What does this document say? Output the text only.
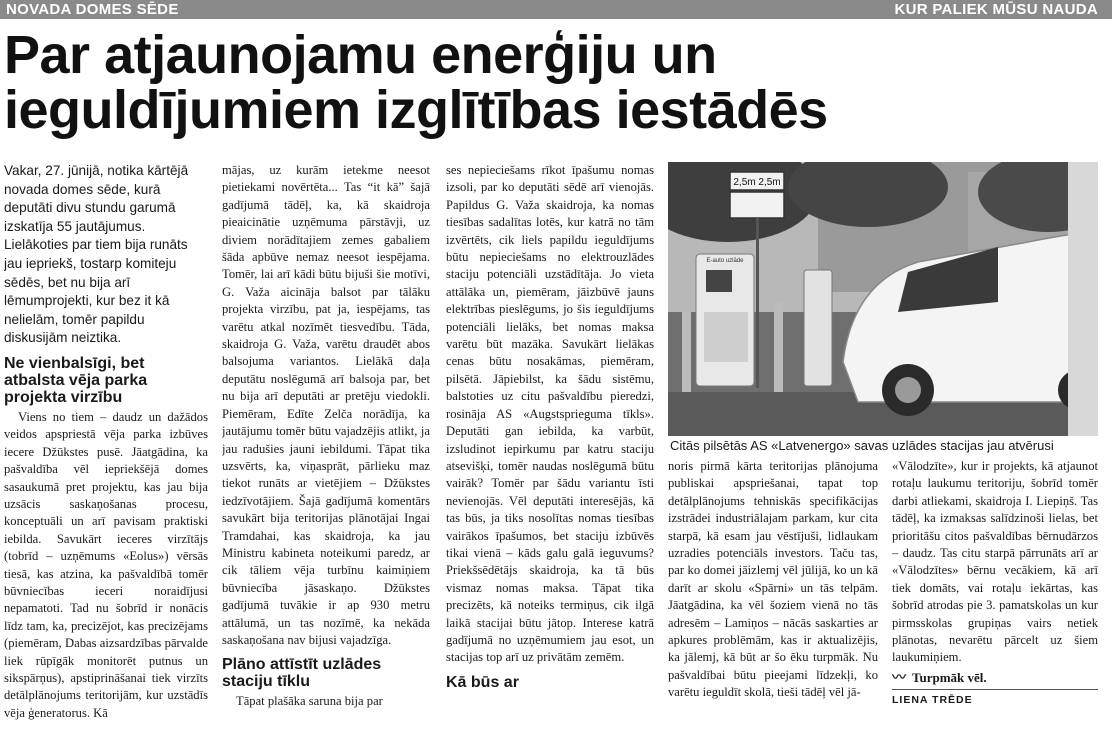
NOVADA DOMES SĒDE	KUR PALIEK MŪSU NAUDA
Par atjaunojamu enerģiju un
ieguldījumiem izglītības iestādēs

Vakar, 27. jūnijā, notika kārtējā novada domes sēde, kurā deputāti divu stundu garumā izskatīja 55 jautājumus. Lielākoties par tiem bija runāts jau iepriekš, tostarp komiteju sēdēs, bet nu bija arī lēmumprojekti, kur bez it kā nelielām, tomēr papildu diskusijām neiztika.

Ne vienbalsīgi, bet atbalsta vēja parka projekta virzību

Viens no tiem – daudz un dažādos veidos apspriestā vēja parka izbūves iecere Džūkstes pusē. Jāatgādina, ka pašvaldība vēl iepriekšējā domes sasaukumā pret projektu, kas jau bija uzsācis saskaņošanas procesu, konceptuāli un arī pavisam praktiski iebilda. Savukārt ieceres virzītājs (tobrīd – uzņēmums «Eolus») vērsās tiesā, kas atzina, ka pašvaldībā tomēr būvniecības ieceri noraidījusi nepamatoti. Tad nu šobrīd ir nonācis līdz tam, ka, precizējot, kas precizējams (piemēram, Dabas aizsardzības pārvalde liek rūpīgāk monitorēt putnus un sikspārņus), apstiprināšanai tiek virzīts detālplānojums teritorijām, kur uzstādīs vēja ģeneratorus. Kā

mājas, uz kurām ietekme neesot pietiekami novērtēta... Tas “it kā” šajā gadījumā tādēļ, ka, kā skaidroja pieaicinātie uzņēmuma pārstāvji, uz diviem norādītajiem zemes gabaliem šāda apbūve nemaz neesot iespējama. Tomēr, lai arī kādi būtu bijuši šie motīvi, G. Važa aicināja balsot par tālāku projekta virzību, pat ja, iespējams, tas varētu atkal nozīmēt tiesvedību. Tāda, skaidroja G. Važa, varētu draudēt abos balsojuma variantos. Lielākā daļa deputātu noslēgumā arī balsoja par, bet nu bija arī deputāti ar pretēju viedokli. Piemēram, Edīte Zelča norādīja, ka jautājumu tomēr būtu vajadzējis atlikt, ja jau radušies jauni iebildumi. Tāpat tika uzsvērts, ka, viņasprāt, pārlieku maz tiekot runāts ar vietējiem – Džūkstes iedzīvotājiem. Šajā gadījumā komentārs savukārt bija teritorijas plānotājai Ingai Tramdahai, kas skaidroja, ka jau Ministru kabineta noteikumi paredz, ar cik tāliem vēja turbīnu kaimiņiem būvniecība jāsaskaņo. Džūkstes gadījumā tuvākie ir ap 930 metru attālumā, un tas nozīmē, ka nekāda saskaņošana nav bijusi vajadzīga.

Plāno attīstīt uzlādes staciju tīklu

Tāpat plašāka saruna bija par

ses nepieciešams rīkot īpašumu nomas izsoli, par ko deputāti sēdē arī vienojās. Papildus G. Važa skaidroja, ka nomas tiesības sadalītas lotēs, kur katrā no tām izvērtēts, cik liels papildu ieguldījums būtu nepieciešams no elektrouzlādes staciju potenciāli uzstādītāja. Jo vieta attālāka un, piemēram, jāizbūvē jauns elektrības pieslēgums, jo šis ieguldījums potenciāli lielāks, bet nomas maksa varētu būt mazāka. Savukārt lielākas cenas būtu nosakāmas, piemēram, pilsētā. Jāpiebilst, ka šādu sistēmu, balstoties uz citu pašvaldību pieredzi, rosināja AS «Augstsprieguma tīkls». Deputāti gan iebilda, ka varbūt, izsludinot iepirkumu par katru staciju atsevišķi, tomēr naudas noslēgumā būtu vairāk? Tomēr par šādu variantu īsti nevienojās. Vēl deputāti interesējās, kā tas būs, ja tiks nosolītas nomas tiesības vairākos īpašumos, bet staciju izbūvēs tikai vienā – kāds galu galā ieguvums? Priekšsēdētājs skaidroja, ka tā būs vismaz nomas maksa. Tāpat tika precizēts, kā noteiks termiņus, cik ilgā laikā stacijai būtu jātop. Interese katrā gadījumā no uzņēmumiem jau esot, un stacijas top arī uz privātām zemēm.

Kā būs ar
2,5m 2,5m
E-auto uzlāde
Citās pilsētās AS «Latvenergo» savas uzlādes stacijas jau atvērusi

noris pirmā kārta teritorijas plānojuma publiskai apspriešanai, tapat top detālplānojums tehniskās specifikācijas izstrādei industriālajam parkam, kur cita starpā, kā esam jau vēstījuši, lidlaukam uzradies potenciāls investors. Taču tas, par ko domei jāizlemj vēl jūlijā, ko un kā darīt ar skolu «Spārni» un tās telpām. Jāatgādina, ka vēl šoziem vienā no tās adresēm – Lamiņos – nācās saskarties ar apkures problēmām, kas ir aktualizējis, ka jālemj, kā būt ar šo ēku turpmāk. Nu pašvaldībai būtu pieejami līdzekļi, ko varētu ieguldīt skolā, tieši tādēļ vēl jā-

«Vālodzīte», kur ir projekts, kā atjaunot rotaļu laukumu teritoriju, šobrīd tomēr darbi atliekami, skaidroja I. Liepiņš. Tas tādēļ, ka izmaksas salīdzinoši lielas, bet prioritāšu citos pašvaldības bērnudārzos – daudz. Tas citu starpā pārrunāts arī ar «Vālodzītes» bērnu vecākiem, kā arī tiek domāts, vai rotaļu iekārtas, kas šobrīd atrodas pie 3. pamatskolas un kur pirmsskolas grupiņas vairs netiek plānotas, nevarētu pārcelt uz šiem laukumiņiem.

〰 Turpmāk vēl.

LIENA TRĒDE
